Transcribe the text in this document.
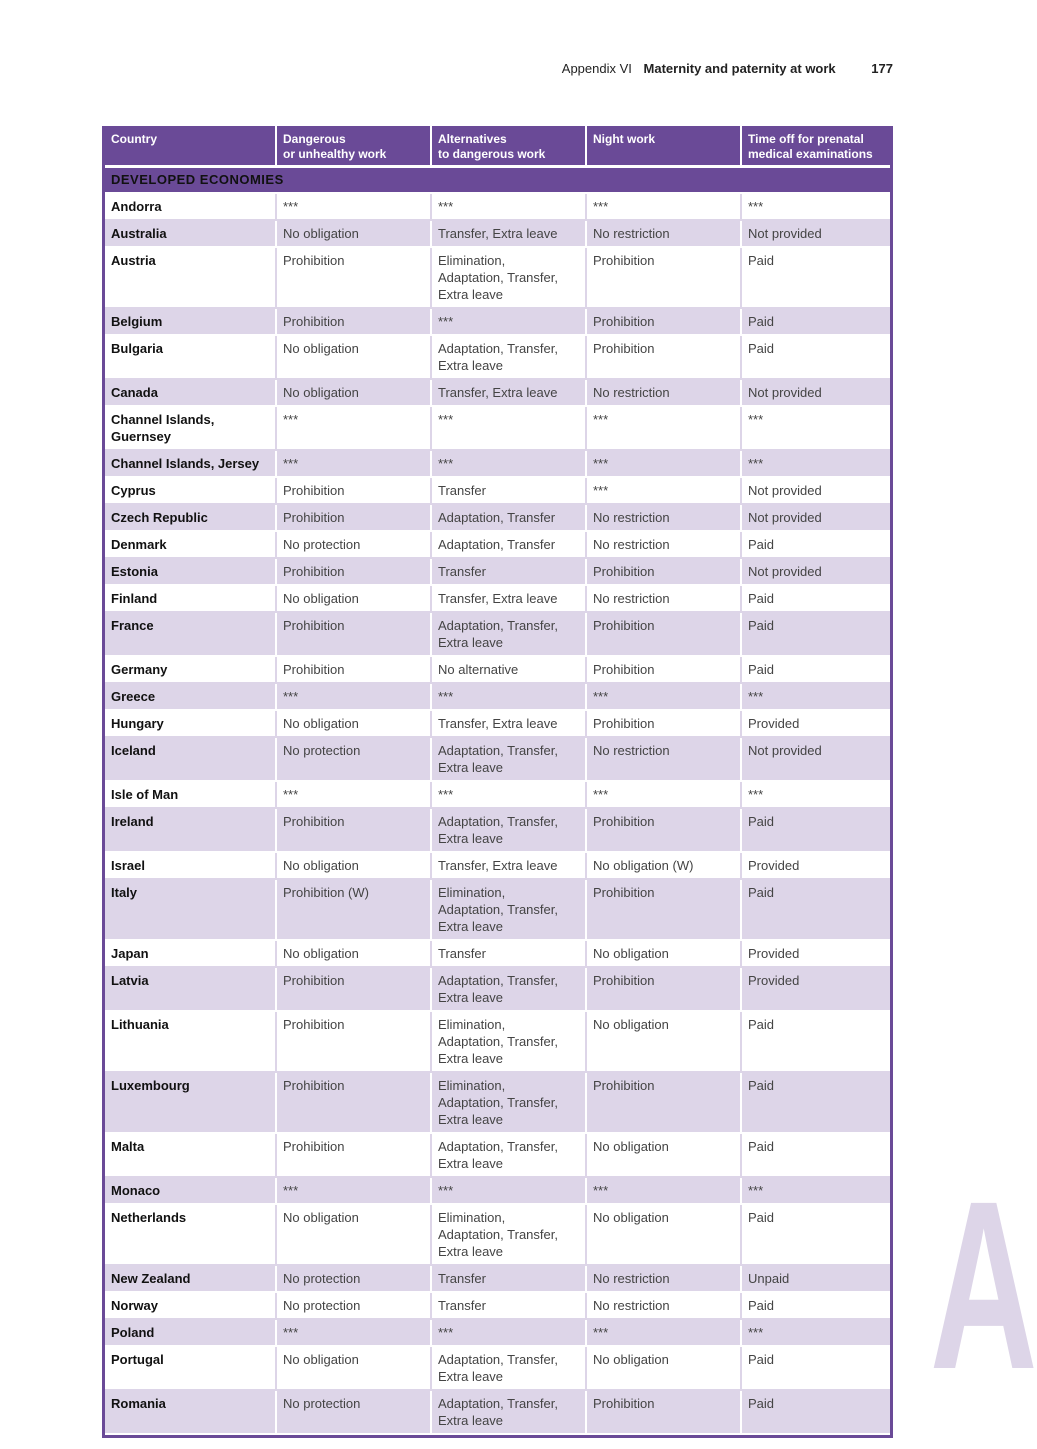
Appendix VI Maternity and paternity at work	177
Country	Dangerous
or unhealthy work	Alternatives
to dangerous work	Night work	Time off for prenatal
medical examinations
DEVELOPED ECONOMIES				
Andorra	***	***	***	***
Australia	No obligation	Transfer, Extra leave	No restriction	Not provided
Austria	Prohibition	Elimination,
Adaptation, Transfer,
Extra leave	Prohibition	Paid
Belgium	Prohibition	***	Prohibition	Paid
Bulgaria	No obligation	Adaptation, Transfer,
Extra leave	Prohibition	Paid
Canada	No obligation	Transfer, Extra leave	No restriction	Not provided
Channel Islands,
Guernsey	***	***	***	***
Channel Islands, Jersey	***	***	***	***
Cyprus	Prohibition	Transfer	***	Not provided
Czech Republic	Prohibition	Adaptation, Transfer	No restriction	Not provided
Denmark	No protection	Adaptation, Transfer	No restriction	Paid
Estonia	Prohibition	Transfer	Prohibition	Not provided
Finland	No obligation	Transfer, Extra leave	No restriction	Paid
France	Prohibition	Adaptation, Transfer,
Extra leave	Prohibition	Paid
Germany	Prohibition	No alternative	Prohibition	Paid
Greece	***	***	***	***
Hungary	No obligation	Transfer, Extra leave	Prohibition	Provided
Iceland	No protection	Adaptation, Transfer,
Extra leave	No restriction	Not provided
Isle of Man	***	***	***	***
Ireland	Prohibition	Adaptation, Transfer,
Extra leave	Prohibition	Paid
Israel	No obligation	Transfer, Extra leave	No obligation (W)	Provided
Italy	Prohibition (W)	Elimination,
Adaptation, Transfer,
Extra leave	Prohibition	Paid
Japan	No obligation	Transfer	No obligation	Provided
Latvia	Prohibition	Adaptation, Transfer,
Extra leave	Prohibition	Provided
Lithuania	Prohibition	Elimination,
Adaptation, Transfer,
Extra leave	No obligation	Paid
Luxembourg	Prohibition	Elimination,
Adaptation, Transfer,
Extra leave	Prohibition	Paid
Malta	Prohibition	Adaptation, Transfer,
Extra leave	No obligation	Paid
Monaco	***	***	***	***
Netherlands	No obligation	Elimination,
Adaptation, Transfer,
Extra leave	No obligation	Paid
New Zealand	No protection	Transfer	No restriction	Unpaid
Norway	No protection	Transfer	No restriction	Paid
Poland	***	***	***	***
Portugal	No obligation	Adaptation, Transfer,
Extra leave	No obligation	Paid
Romania	No protection	Adaptation, Transfer,
Extra leave	Prohibition	Paid A
